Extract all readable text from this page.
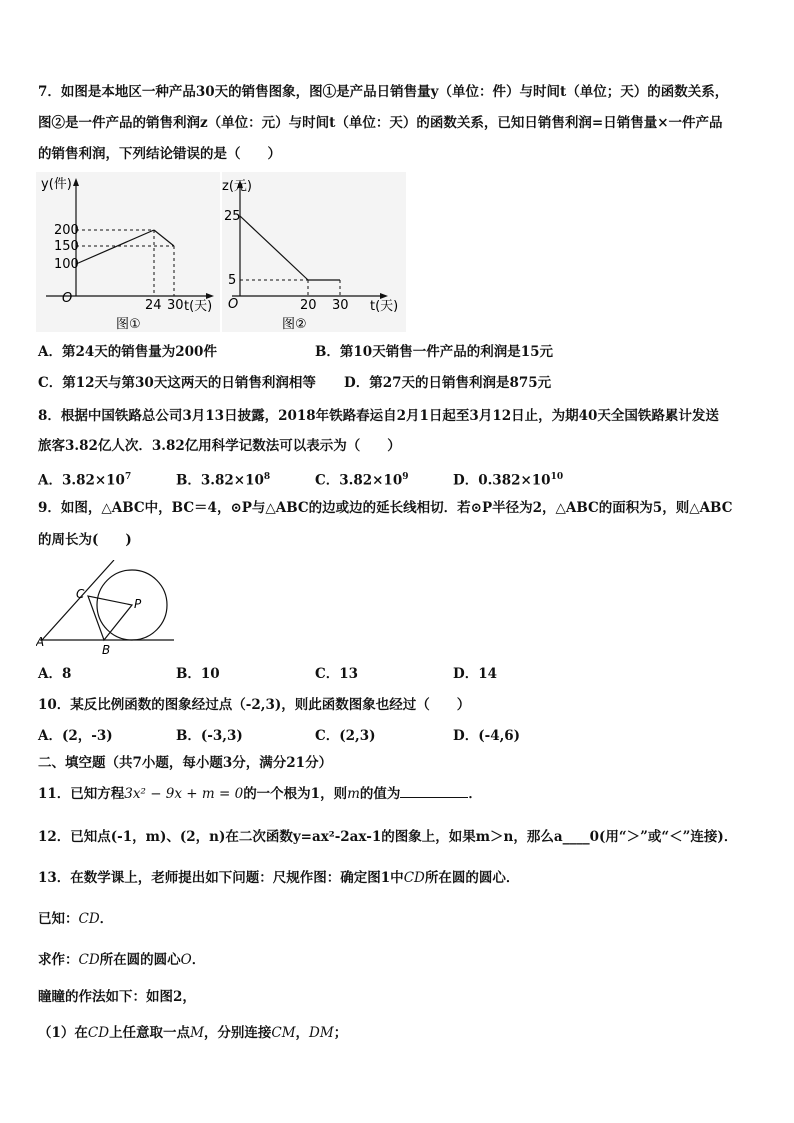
7．如图是本地区一种产品30天的销售图象，图①是产品日销售量y（单位：件）与时间t（单位；天）的函数关系，
图②是一件产品的销售利润z（单位：元）与时间t（单位：天）的函数关系，已知日销售利润=日销售量×一件产品
的销售利润，下列结论错误的是（　　）
y(件)
200
150
100
O	24 30 t(天)
图①
z(元)
25
5
O	20 30 t(天)
图②
A．第24天的销售量为200件	B．第10天销售一件产品的利润是15元
C．第12天与第30天这两天的日销售利润相等 D．第27天的日销售利润是875元
8．根据中国铁路总公司3月13日披露，2018年铁路春运自2月1日起至3月12日止，为期40天全国铁路累计发送
旅客3.82亿人次．3.82亿用科学记数法可以表示为（　　）
A．$3.82\times 10^7$	B．$3.82\times 10^8$	C．$3.82\times 10^9$	D．$0.382\times 10^{10}$
9．如图，△ABC中，BC＝4，⊙P与△ABC的边或边的延长线相切．若⊙P半径为2，△ABC的面积为5，则△ABC
的周长为(　　)
A
B
C
P
A．8	B．10	C．13	D．14
10．某反比例函数的图象经过点（-2,3)，则此函数图象也经过（　　）
A．(2，-3)	B．(-3,3)	C．(2,3)	D．(-4,6)
二、填空题（共7小题，每小题3分，满分21分）
11．已知方程3x² − 9x + m = 0的一个根为1，则m的值为	．
12．已知点(-1，m)、(2，n)在二次函数y=ax²-2ax-1的图象上，如果m＞n，那么a____0(用“＞”或“＜”连接)．
13．在数学课上，老师提出如下问题：尺规作图：确定图1中CD所在圆的圆心．
已知：CD．
求作：CD所在圆的圆心O．
瞳瞳的作法如下：如图2，
（1）在CD上任意取一点M，分别连接CM，DM；
